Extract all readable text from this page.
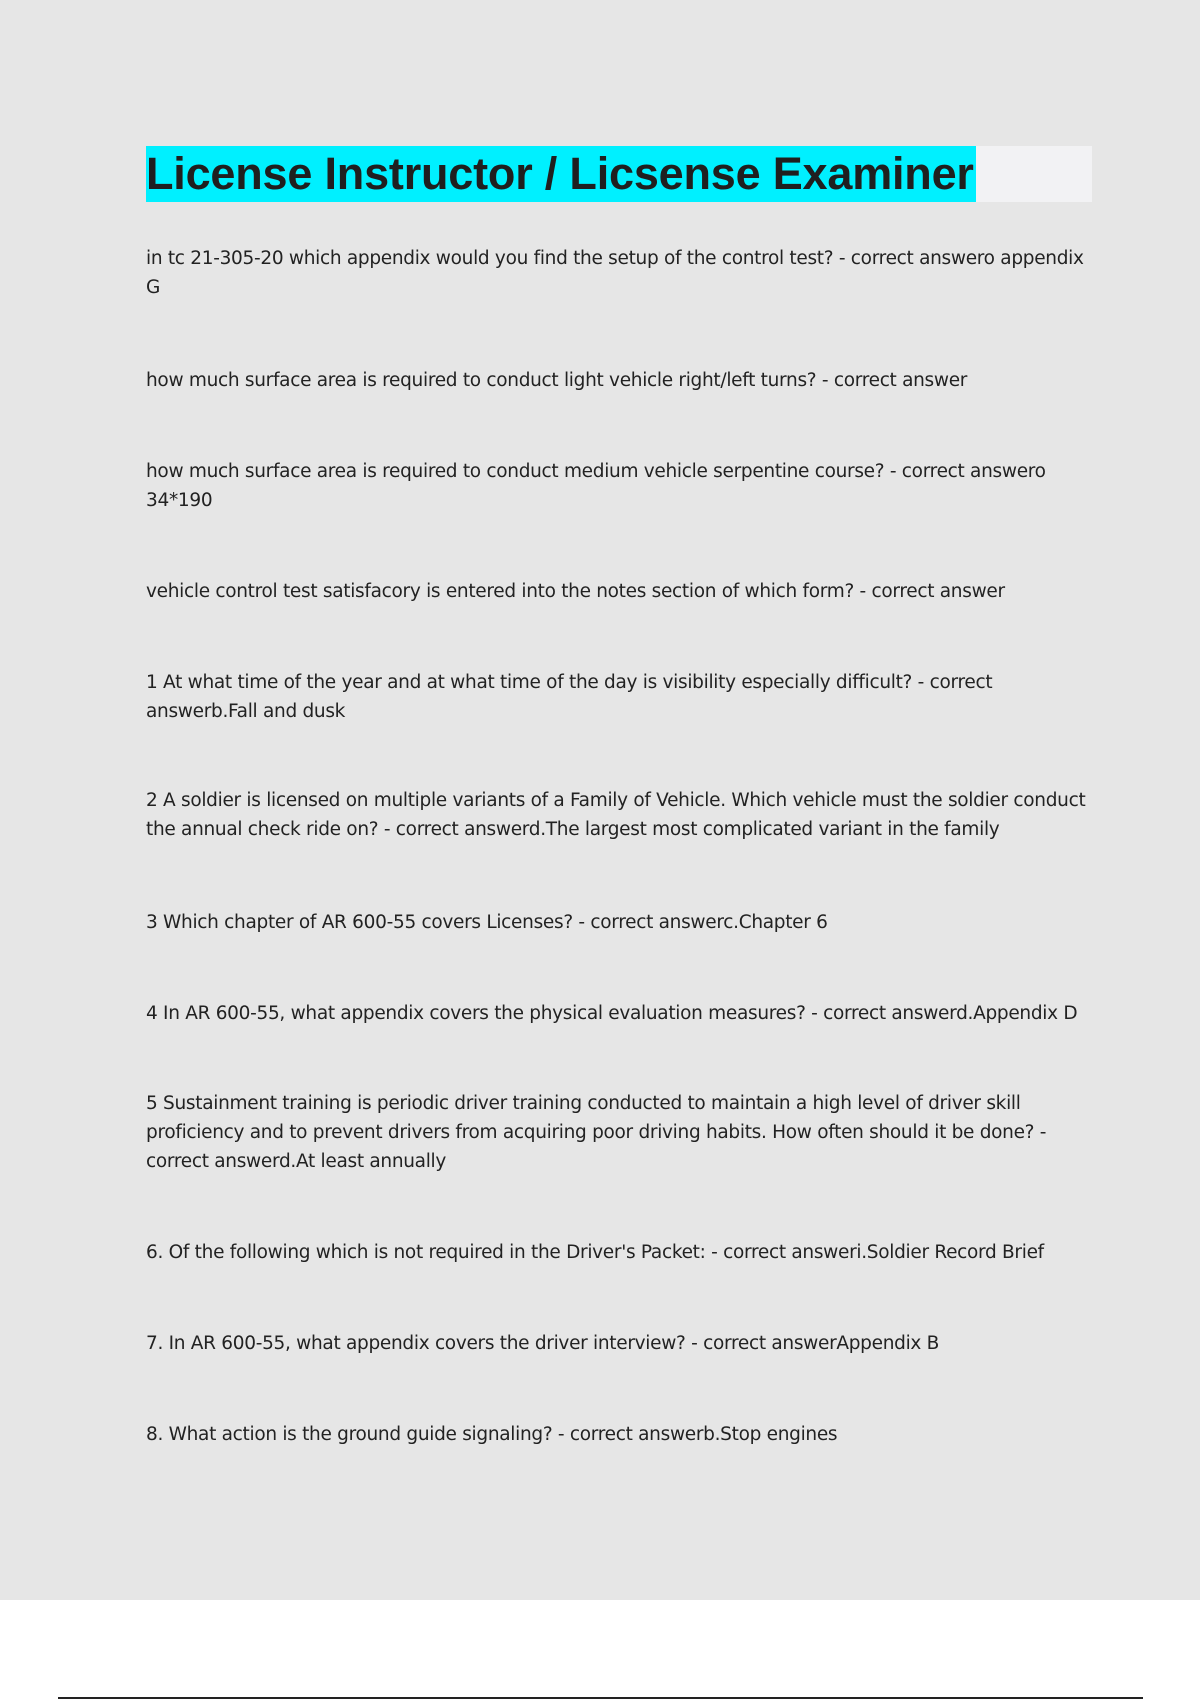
License Instructor / Licsense Examiner

in tc 21-305-20 which appendix would you find the setup of the control test? - correct answero appendix G

how much surface area is required to conduct light vehicle right/left turns? - correct answer

how much surface area is required to conduct medium vehicle serpentine course? - correct answero 34*190

vehicle control test satisfacory is entered into the notes section of which form? - correct answer

1 At what time of the year and at what time of the day is visibility especially difficult? - correct answerb.Fall and dusk

2 A soldier is licensed on multiple variants of a Family of Vehicle. Which vehicle must the soldier conduct the annual check ride on? - correct answerd.The largest most complicated variant in the family

3 Which chapter of AR 600-55 covers Licenses? - correct answerc.Chapter 6

4 In AR 600-55, what appendix covers the physical evaluation measures? - correct answerd.Appendix D

5 Sustainment training is periodic driver training conducted to maintain a high level of driver skill proficiency and to prevent drivers from acquiring poor driving habits. How often should it be done? - correct answerd.At least annually

6. Of the following which is not required in the Driver's Packet: - correct answeri.Soldier Record Brief

7. In AR 600-55, what appendix covers the driver interview? - correct answerAppendix B

8. What action is the ground guide signaling? - correct answerb.Stop engines
